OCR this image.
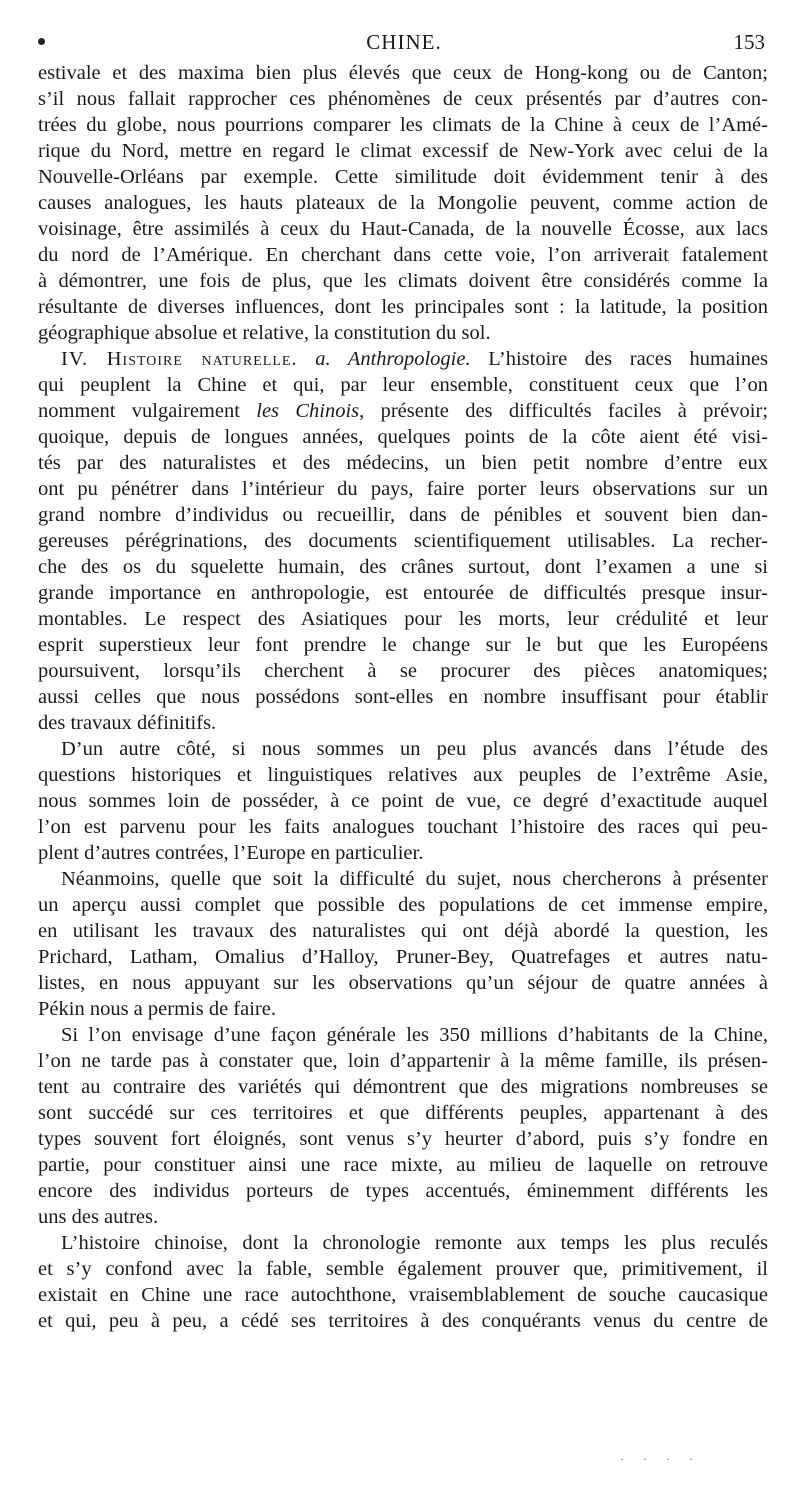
CHINE.	153
estivale et des maxima bien plus élevés que ceux de Hong-kong ou de Canton;
s’il nous fallait rapprocher ces phénomènes de ceux présentés par d’autres con-
trées du globe, nous pourrions comparer les climats de la Chine à ceux de l’Amé-
rique du Nord, mettre en regard le climat excessif de New-York avec celui de la
Nouvelle-Orléans par exemple. Cette similitude doit évidemment tenir à des
causes analogues, les hauts plateaux de la Mongolie peuvent, comme action de
voisinage, être assimilés à ceux du Haut-Canada, de la nouvelle Écosse, aux lacs
du nord de l’Amérique. En cherchant dans cette voie, l’on arriverait fatalement
à démontrer, une fois de plus, que les climats doivent être considérés comme la
résultante de diverses influences, dont les principales sont : la latitude, la position
géographique absolue et relative, la constitution du sol.
IV. Histoire naturelle. a. Anthropologie. L’histoire des races humaines
qui peuplent la Chine et qui, par leur ensemble, constituent ceux que l’on
nomment vulgairement les Chinois, présente des difficultés faciles à prévoir;
quoique, depuis de longues années, quelques points de la côte aient été visi-
tés par des naturalistes et des médecins, un bien petit nombre d’entre eux
ont pu pénétrer dans l’intérieur du pays, faire porter leurs observations sur un
grand nombre d’individus ou recueillir, dans de pénibles et souvent bien dan-
gereuses pérégrinations, des documents scientifiquement utilisables. La recher-
che des os du squelette humain, des crânes surtout, dont l’examen a une si
grande importance en anthropologie, est entourée de difficultés presque insur-
montables. Le respect des Asiatiques pour les morts, leur crédulité et leur
esprit superstieux leur font prendre le change sur le but que les Européens
poursuivent, lorsqu’ils cherchent à se procurer des pièces anatomiques;
aussi celles que nous possédons sont-elles en nombre insuffisant pour établir
des travaux définitifs.
D’un autre côté, si nous sommes un peu plus avancés dans l’étude des
questions historiques et linguistiques relatives aux peuples de l’extrême Asie,
nous sommes loin de posséder, à ce point de vue, ce degré d’exactitude auquel
l’on est parvenu pour les faits analogues touchant l’histoire des races qui peu-
plent d’autres contrées, l’Europe en particulier.
Néanmoins, quelle que soit la difficulté du sujet, nous chercherons à présenter
un aperçu aussi complet que possible des populations de cet immense empire,
en utilisant les travaux des naturalistes qui ont déjà abordé la question, les
Prichard, Latham, Omalius d’Halloy, Pruner-Bey, Quatrefages et autres natu-
listes, en nous appuyant sur les observations qu’un séjour de quatre années à
Pékin nous a permis de faire.
Si l’on envisage d’une façon générale les 350 millions d’habitants de la Chine,
l’on ne tarde pas à constater que, loin d’appartenir à la même famille, ils présen-
tent au contraire des variétés qui démontrent que des migrations nombreuses se
sont succédé sur ces territoires et que différents peuples, appartenant à des
types souvent fort éloignés, sont venus s’y heurter d’abord, puis s’y fondre en
partie, pour constituer ainsi une race mixte, au milieu de laquelle on retrouve
encore des individus porteurs de types accentués, éminemment différents les
uns des autres.
L’histoire chinoise, dont la chronologie remonte aux temps les plus reculés
et s’y confond avec la fable, semble également prouver que, primitivement, il
existait en Chine une race autochthone, vraisemblablement de souche caucasique
et qui, peu à peu, a cédé ses territoires à des conquérants venus du centre de
· · · ·
